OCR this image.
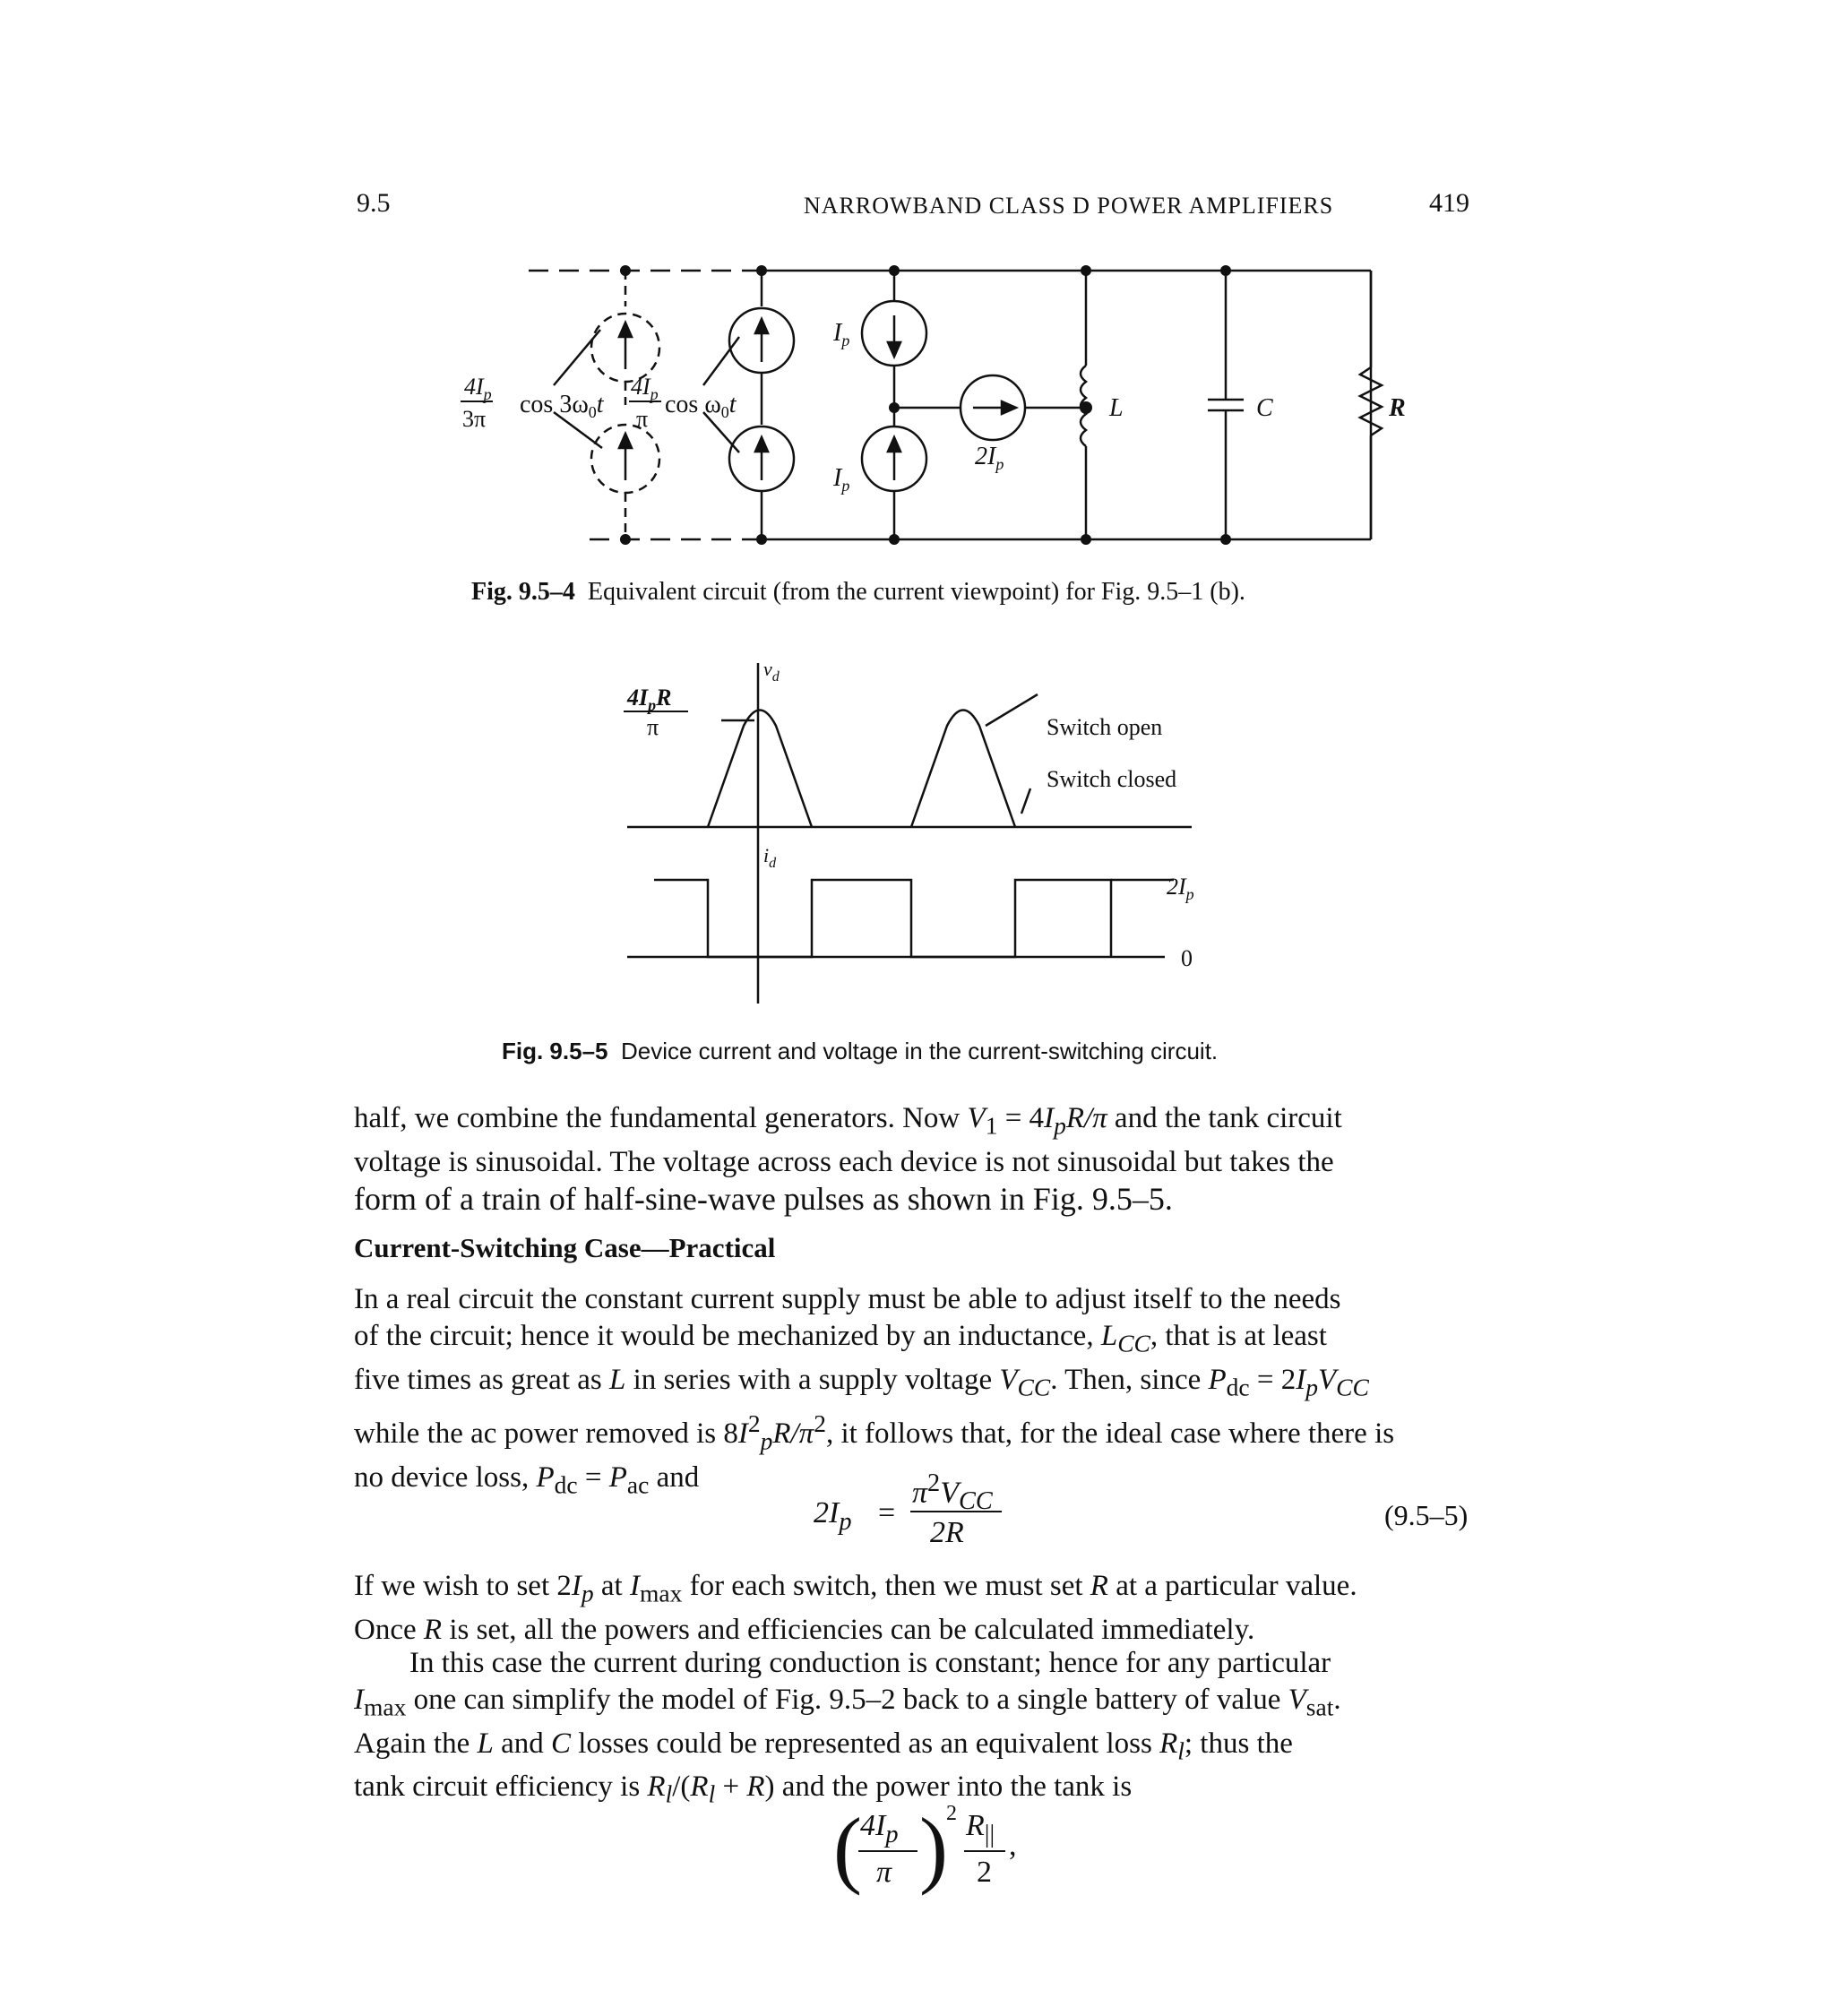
9.5	NARROWBAND CLASS D POWER AMPLIFIERS	419
$4I_p$
3π
$\cos 3\omega_0t$
$4I_p$
π
$\cos \omega_0t$
$I_p$
$I_p$
$2I_p$
L	C	R
Fig. 9.5–4 Equivalent circuit (from the current viewpoint) for Fig. 9.5–1 (b).
$v_d$
$i_d$
$4I_pR$
π	Switch open
Switch closed
$2I_p$
0
Fig. 9.5–5 Device current and voltage in the current-switching circuit.
half, we combine the fundamental generators. Now $V_1 = 4I_pR/\pi$ and the tank circuit
voltage is sinusoidal. The voltage across each device is not sinusoidal but takes the
form of a train of half-sine-wave pulses as shown in Fig. 9.5–5.
Current-Switching Case—Practical
In a real circuit the constant current supply must be able to adjust itself to the needs
of the circuit; hence it would be mechanized by an inductance, $L_{CC}$, that is at least
five times as great as L in series with a supply voltage $V_{CC}$. Then, since $P_{dc} = 2I_pV_{CC}$
while the ac power removed is $8I^2_pR/\pi^2$, it follows that, for the ideal case where there is
no device loss, $P_{dc} = P_{ac}$ and
$2I_p$ =
$\pi^2V_{CC}$
2R
(9.5–5)
If we wish to set $2I_p$ at $I_{max}$ for each switch, then we must set R at a particular value.
Once R is set, all the powers and efficiencies can be calculated immediately.
In this case the current during conduction is constant; hence for any particular
$I_{max}$ one can simplify the model of Fig. 9.5–2 back to a single battery of value $V_{sat}$.
Again the L and C losses could be represented as an equivalent loss $R_l$; thus the
tank circuit efficiency is $R_l/(R_l + R)$ and the power into the tank is
(
$4I_p$
π )
2 $R_{||}$
2
,
